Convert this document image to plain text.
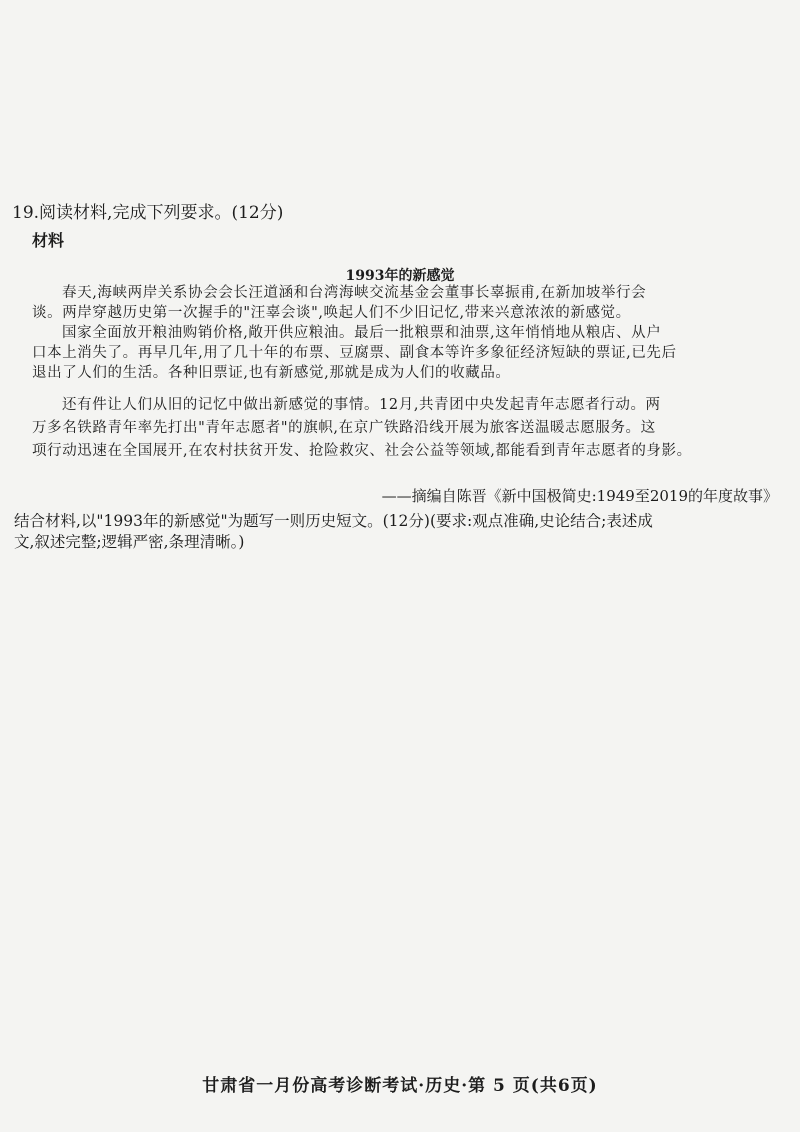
19.阅读材料,完成下列要求。(12分)
材料
1993年的新感觉
春天,海峡两岸关系协会会长汪道涵和台湾海峡交流基金会董事长辜振甫,在新加坡举行会
谈。两岸穿越历史第一次握手的"汪辜会谈",唤起人们不少旧记忆,带来兴意浓浓的新感觉。
国家全面放开粮油购销价格,敞开供应粮油。最后一批粮票和油票,这年悄悄地从粮店、从户
口本上消失了。再早几年,用了几十年的布票、豆腐票、副食本等许多象征经济短缺的票证,已先后
退出了人们的生活。各种旧票证,也有新感觉,那就是成为人们的收藏品。
还有件让人们从旧的记忆中做出新感觉的事情。12月,共青团中央发起青年志愿者行动。两
万多名铁路青年率先打出"青年志愿者"的旗帜,在京广铁路沿线开展为旅客送温暖志愿服务。这
项行动迅速在全国展开,在农村扶贫开发、抢险救灾、社会公益等领域,都能看到青年志愿者的身影。
——摘编自陈晋《新中国极简史:1949至2019的年度故事》
结合材料,以"1993年的新感觉"为题写一则历史短文。(12分)(要求:观点准确,史论结合;表述成
文,叙述完整;逻辑严密,条理清晰。)
甘肃省一月份高考诊断考试·历史·第 5 页(共6页)
